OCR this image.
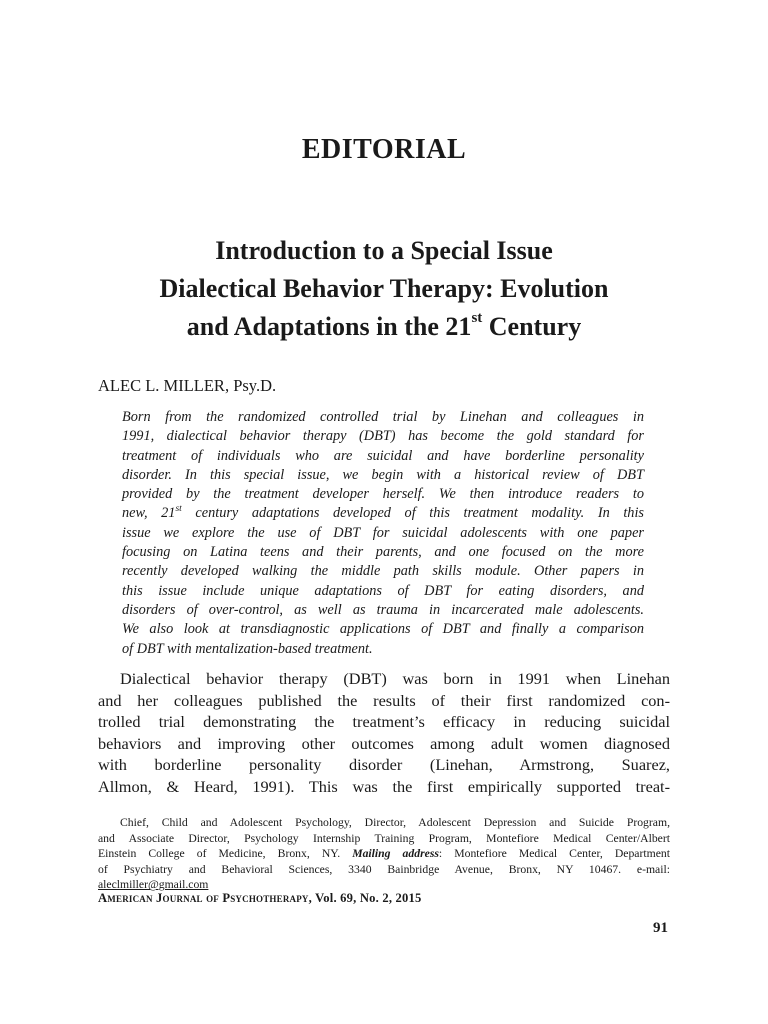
EDITORIAL
Introduction to a Special Issue
Dialectical Behavior Therapy: Evolution
and Adaptations in the 21st Century

ALEC L. MILLER, Psy.D.

Born from the randomized controlled trial by Linehan and colleagues in
1991, dialectical behavior therapy (DBT) has become the gold standard for
treatment of individuals who are suicidal and have borderline personality
disorder. In this special issue, we begin with a historical review of DBT
provided by the treatment developer herself. We then introduce readers to
new, 21st century adaptations developed of this treatment modality. In this
issue we explore the use of DBT for suicidal adolescents with one paper
focusing on Latina teens and their parents, and one focused on the more
recently developed walking the middle path skills module. Other papers in
this issue include unique adaptations of DBT for eating disorders, and
disorders of over-control, as well as trauma in incarcerated male adolescents.
We also look at transdiagnostic applications of DBT and finally a comparison
of DBT with mentalization-based treatment.
Dialectical behavior therapy (DBT) was born in 1991 when Linehan
and her colleagues published the results of their first randomized con-
trolled trial demonstrating the treatment’s efficacy in reducing suicidal
behaviors and improving other outcomes among adult women diagnosed
with borderline personality disorder (Linehan, Armstrong, Suarez,
Allmon, & Heard, 1991). This was the first empirically supported treat-
Chief, Child and Adolescent Psychology, Director, Adolescent Depression and Suicide Program,
and Associate Director, Psychology Internship Training Program, Montefiore Medical Center/Albert
Einstein College of Medicine, Bronx, NY. Mailing address: Montefiore Medical Center, Department
of Psychiatry and Behavioral Sciences, 3340 Bainbridge Avenue, Bronx, NY 10467. e-mail:
aleclmiller@gmail.com

American Journal of Psychotherapy, Vol. 69, No. 2, 2015

91
